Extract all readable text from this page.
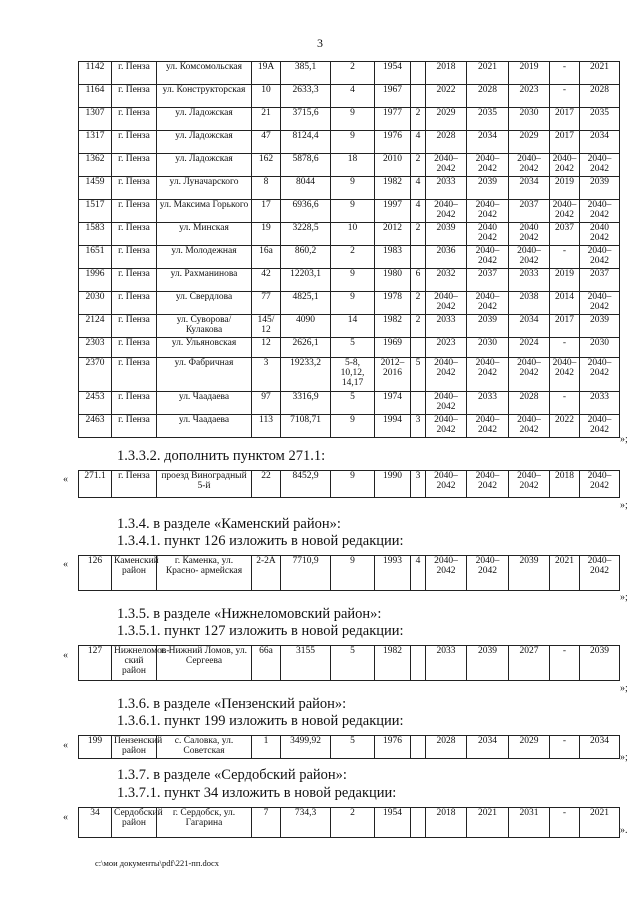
3
1142	г. Пенза	ул. Комсомольская	19А	385,1	2	1954		2018	2021	2019	-	2021
1164	г. Пенза	ул. Конструкторская	10	2633,3	4	1967		2022	2028	2023	-	2028
1307	г. Пенза	ул. Ладожская	21	3715,6	9	1977	2	2029	2035	2030	2017	2035
1317	г. Пенза	ул. Ладожская	47	8124,4	9	1976	4	2028	2034	2029	2017	2034
1362	г. Пенза	ул. Ладожская	162	5878,6	18	2010	2	2040–2042	2040–2042	2040–2042	2040–2042	2040–2042
1459	г. Пенза	ул. Луначарского	8	8044	9	1982	4	2033	2039	2034	2019	2039
1517	г. Пенза	ул. Максима Горького	17	6936,6	9	1997	4	2040–2042	2040–2042	2037	2040–2042	2040–2042
1583	г. Пенза	ул. Минская	19	3228,5	10	2012	2	2039	2040 2042	2040 2042	2037	2040 2042
1651	г. Пенза	ул. Молодежная	16а	860,2	2	1983		2036	2040–2042	2040–2042	-	2040–2042
1996	г. Пенза	ул. Рахманинова	42	12203,1	9	1980	6	2032	2037	2033	2019	2037
2030	г. Пенза	ул. Свердлова	77	4825,1	9	1978	2	2040–2042	2040–2042	2038	2014	2040–2042
2124	г. Пенза	ул. Суворова/ Кулакова	145/ 12	4090	14	1982	2	2033	2039	2034	2017	2039
2303	г. Пенза	ул. Ульяновская	12	2626,1	5	1969		2023	2030	2024	-	2030
2370	г. Пенза	ул. Фабричная	3	19233,2	5-8, 10,12, 14,17	2012– 2016	5	2040–2042	2040–2042	2040–2042	2040–2042	2040–2042
2453	г. Пенза	ул. Чаадаева	97	3316,9	5	1974		2040–2042	2033	2028	-	2033
2463	г. Пенза	ул. Чаадаева	113	7108,71	9	1994	3	2040–2042	2040–2042	2040–2042	2022	2040–2042
»;
1.3.3.2. дополнить пунктом 271.1:
« 271.1	г. Пенза	проезд Виноградный 5-й	22	8452,9	9	1990	3	2040–2042	2040–2042	2040–2042	2018	2040–2042
»;
1.3.4. в разделе «Каменский район»:
1.3.4.1. пункт 126 изложить в новой редакции:
« 126	Каменский район	г. Каменка, ул. Красно- армейская	2-2А	7710,9	9	1993	4	2040–2042	2040–2042	2039	2021	2040–2042
»;
1.3.5. в разделе «Нижнеломовский район»:
1.3.5.1. пункт 127 изложить в новой редакции:
« 127	Нижнеломов- ский район	г. Нижний Ломов, ул. Сергеева	66а	3155	5	1982		2033	2039	2027	-	2039
»;
1.3.6. в разделе «Пензенский район»:
1.3.6.1. пункт 199 изложить в новой редакции:
« 199	Пензенский район	с. Саловка, ул. Советская	1	3499,92	5	1976		2028	2034	2029	-	2034
»;
1.3.7. в разделе «Сердобский район»:
1.3.7.1. пункт 34 изложить в новой редакции:
« 34	Сердобский район	г. Сердобск, ул. Гагарина	7	734,3	2	1954		2018	2021	2031	-	2021
».
c:\мои документы\pdf\221-пп.docx
